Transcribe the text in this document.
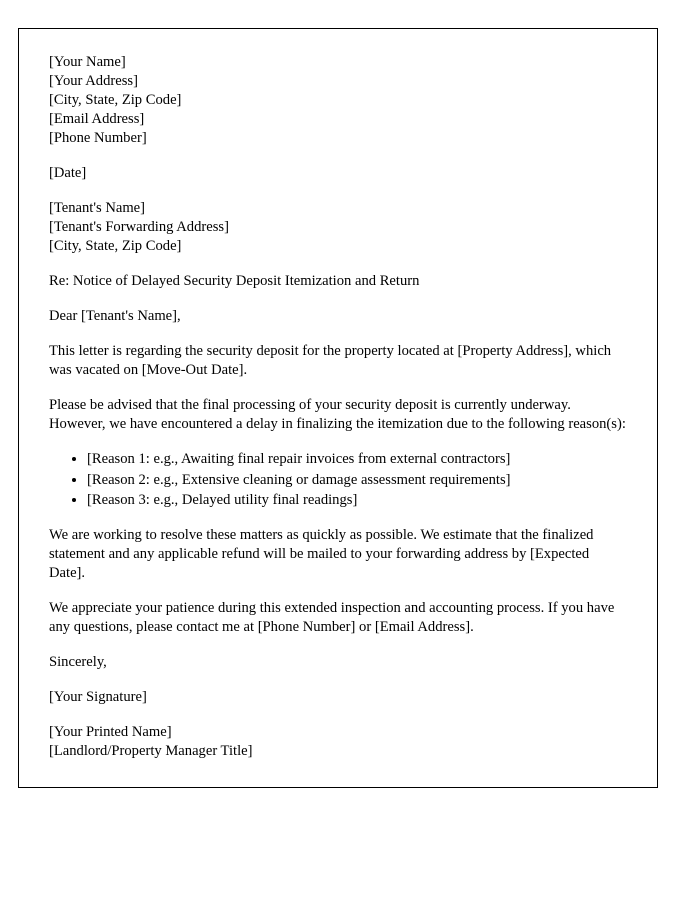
[Your Name]
[Your Address]
[City, State, Zip Code]
[Email Address]
[Phone Number]
[Date]
[Tenant's Name]
[Tenant's Forwarding Address]
[City, State, Zip Code]

Re: Notice of Delayed Security Deposit Itemization and Return

Dear [Tenant's Name],

This letter is regarding the security deposit for the property located at [Property Address], which was vacated on [Move-Out Date].

Please be advised that the final processing of your security deposit is currently underway. However, we have encountered a delay in finalizing the itemization due to the following reason(s):

• [Reason 1: e.g., Awaiting final repair invoices from external contractors]
• [Reason 2: e.g., Extensive cleaning or damage assessment requirements]
• [Reason 3: e.g., Delayed utility final readings]

We are working to resolve these matters as quickly as possible. We estimate that the finalized statement and any applicable refund will be mailed to your forwarding address by [Expected Date].

We appreciate your patience during this extended inspection and accounting process. If you have any questions, please contact me at [Phone Number] or [Email Address].

Sincerely,

[Your Signature]

[Your Printed Name]
[Landlord/Property Manager Title]
